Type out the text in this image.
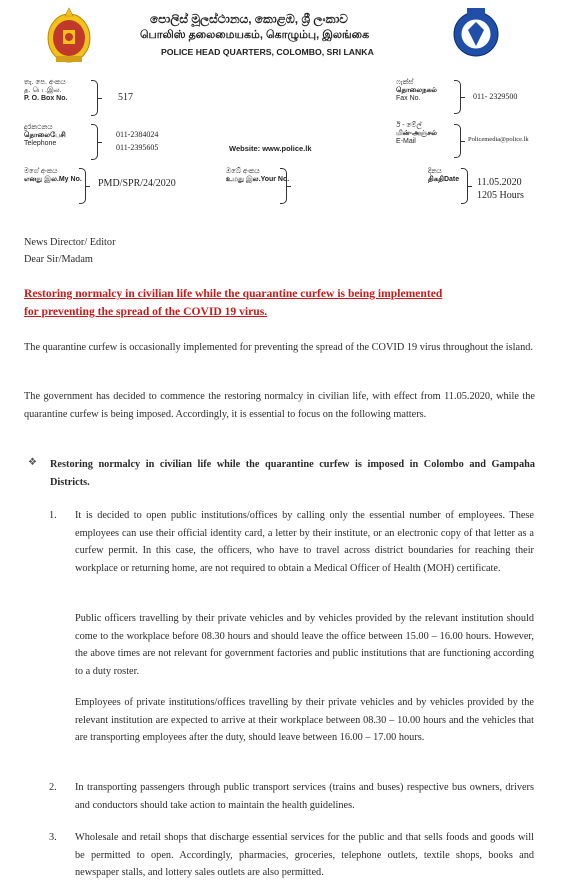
පොලිස් මූලස්ථානය, කොළඹ, ශ්‍රී ලංකාව
பொலிஸ் தலைமையகம், கொழும்பு, இலங்கை
POLICE HEAD QUARTERS, COLOMBO, SRI LANKA
තැ. පෙ. අංකය
த. பெ .இல.
P. O. Box No.	517
ෆැක්ස්
தொலைநகல்
Fax No.	011- 2329500
දුරකථනය
தொலைபேசி
Telephone
011-2384024
011-2395605	Website: www.police.lk
ඊ - මේල්
மின்-அஞ்சல்
E-Mail	Policemedia@police.lk
මගේ අංකය
எனது இல.My No. PMD/SPR/24/2020
ඔබේ අංකය
உமது இல.Your No.
දිනය
திகதிDate 11.05.2020
1205 Hours
News Director/ Editor
Dear Sir/Madam
Restoring normalcy in civilian life while the quarantine curfew is being implemented
for preventing the spread of the COVID 19 virus.
The quarantine curfew is occasionally implemented for preventing the spread of the COVID 19 virus throughout the island.
The government has decided to commence the restoring normalcy in civilian life, with effect from 11.05.2020, while the quarantine curfew is being imposed. Accordingly, it is essential to focus on the following matters.
❖ Restoring normalcy in civilian life while the quarantine curfew is imposed in Colombo and Gampaha Districts.
1. It is decided to open public institutions/offices by calling only the essential number of employees. These employees can use their official identity card, a letter by their institute, or an electronic copy of that letter as a curfew permit. In this case, the officers, who have to travel across district boundaries for reaching their workplace or returning home, are not required to obtain a Medical Officer of Health (MOH) certificate.
Public officers travelling by their private vehicles and by vehicles provided by the relevant institution should come to the workplace before 08.30 hours and should leave the office between 15.00 – 16.00 hours. However, the above times are not relevant for government factories and public institutions that are functioning according to a duty roster.
Employees of private institutions/offices travelling by their private vehicles and by vehicles provided by the relevant institution are expected to arrive at their workplace between 08.30 – 10.00 hours and the vehicles that are transporting employees after the duty, should leave between 16.00 – 17.00 hours.
2. In transporting passengers through public transport services (trains and buses) respective bus owners, drivers and conductors should take action to maintain the health guidelines.
3. Wholesale and retail shops that discharge essential services for the public and that sells foods and goods will be permitted to open. Accordingly, pharmacies, groceries, telephone outlets, textile shops, books and newspaper stalls, and lottery sales outlets are also permitted.
